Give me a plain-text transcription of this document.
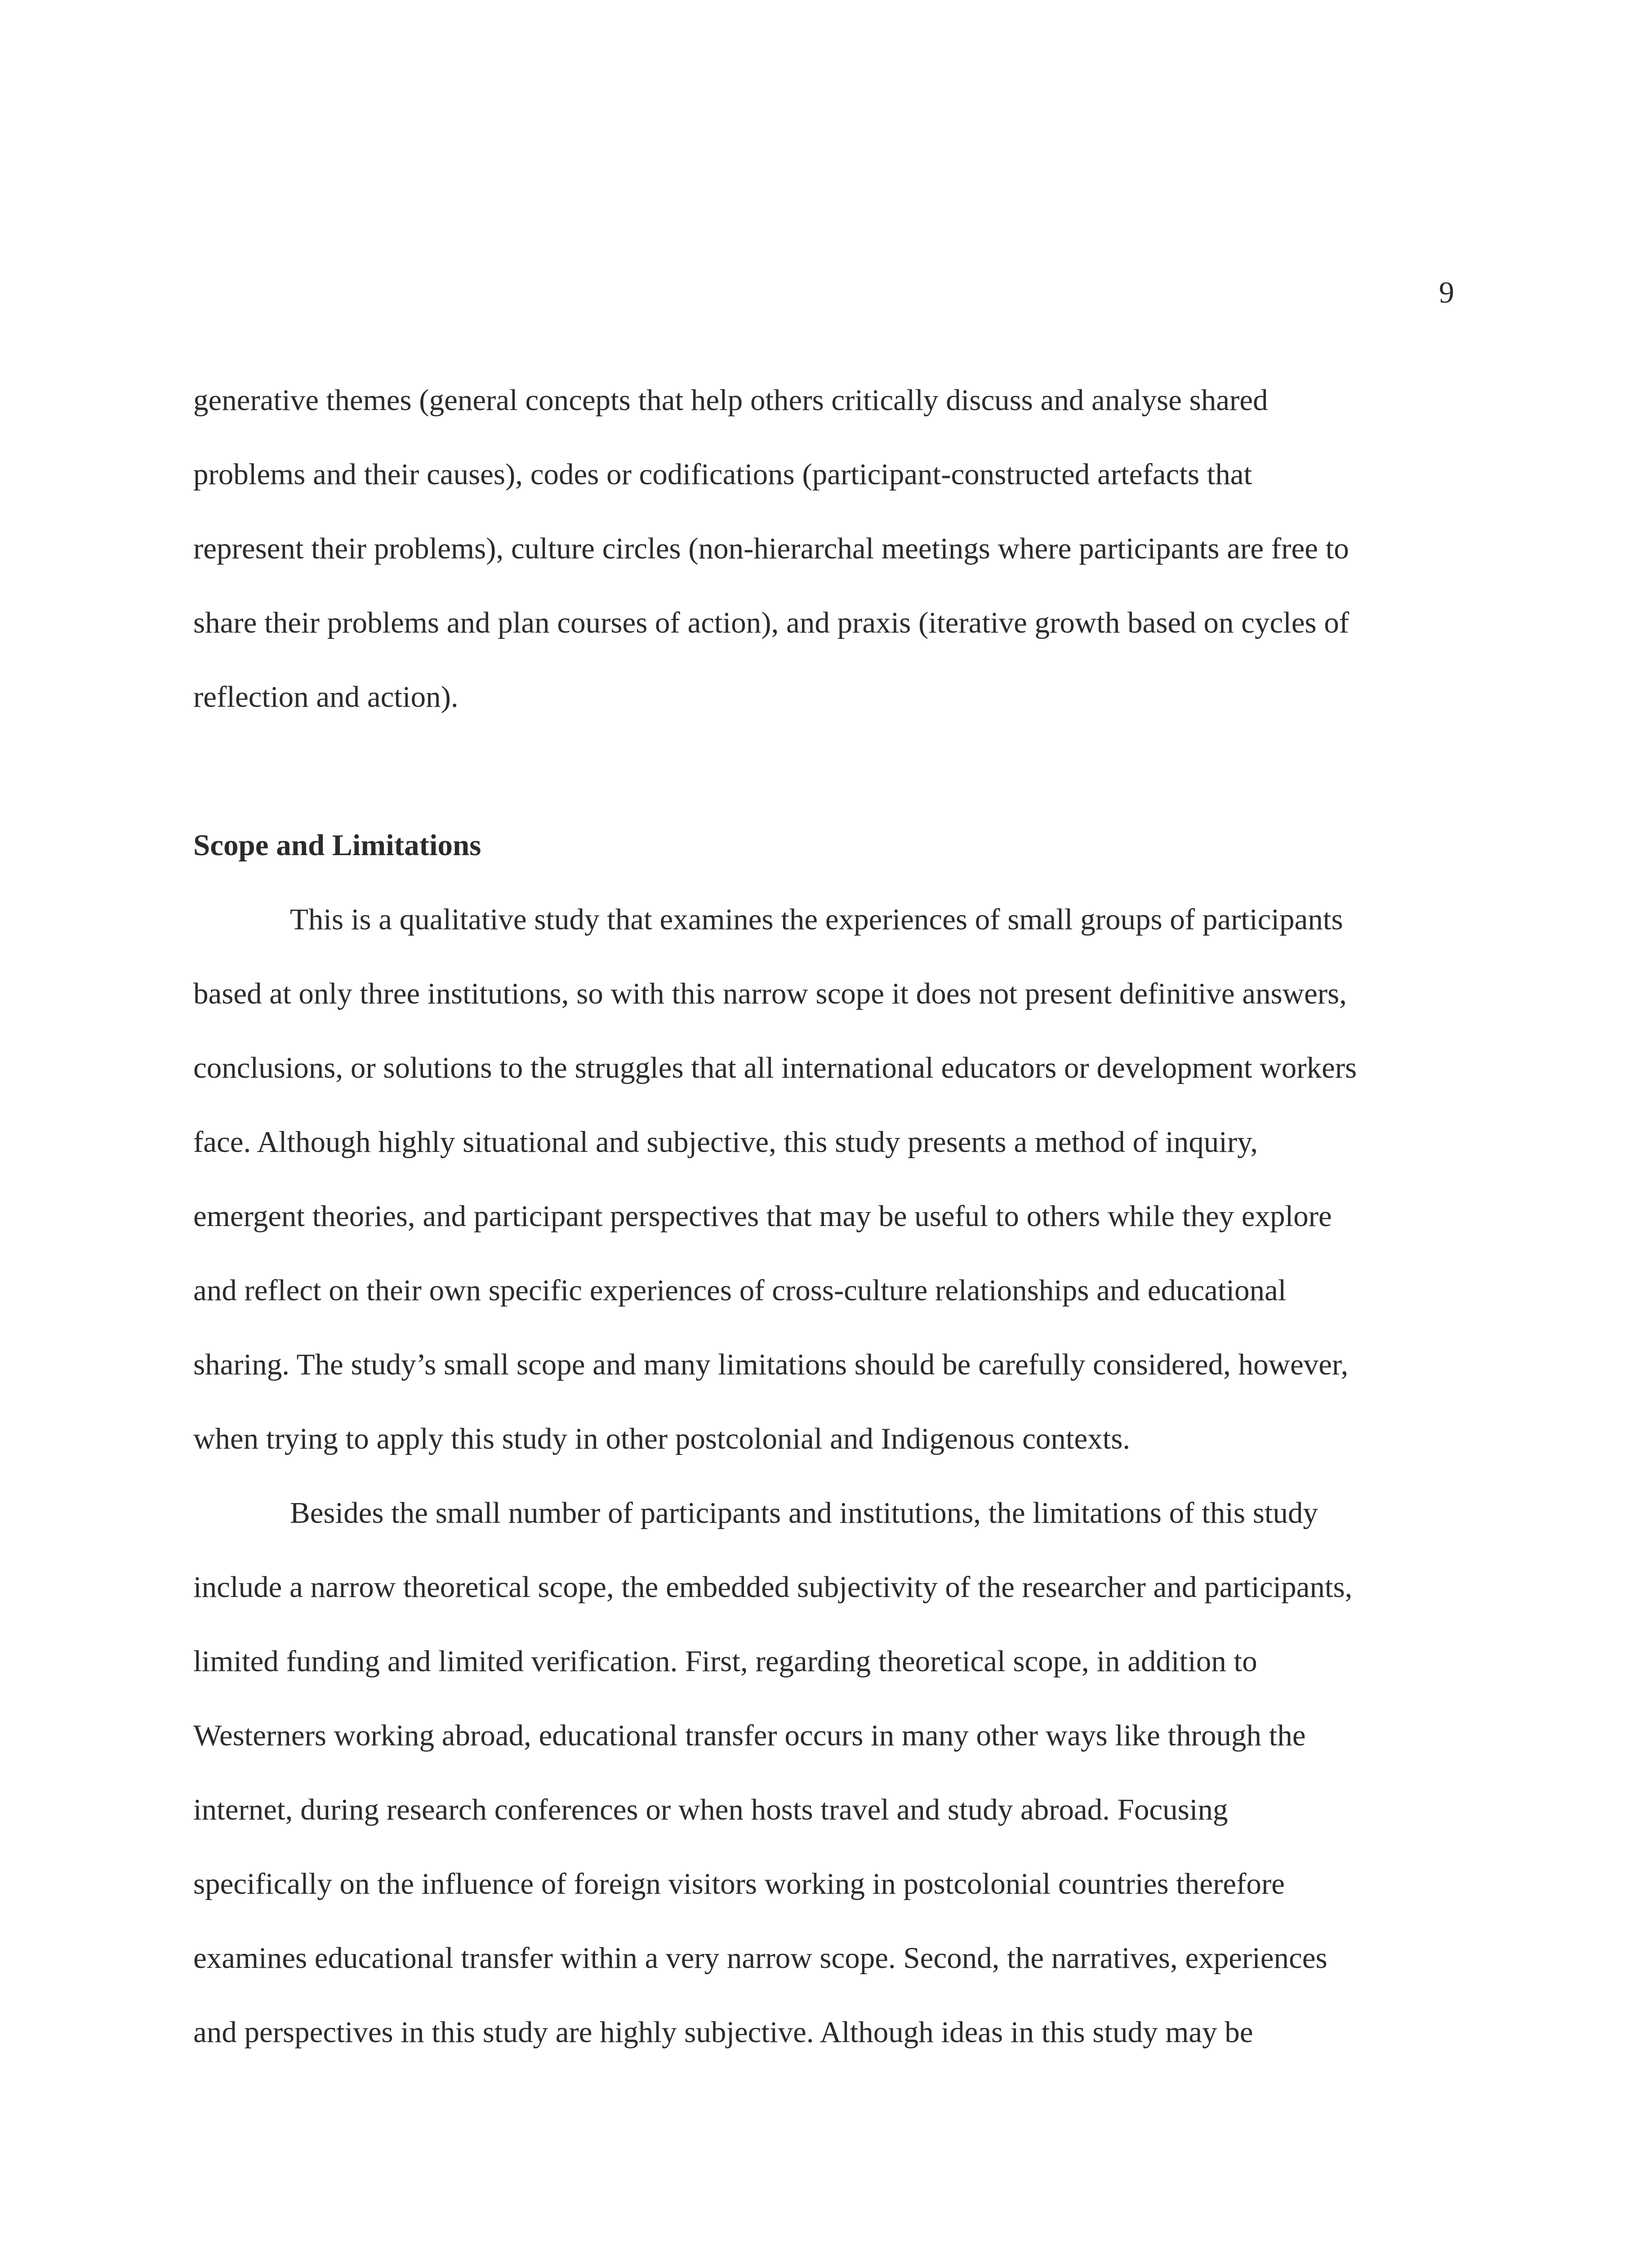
9
generative themes (general concepts that help others critically discuss and analyse shared
problems and their causes), codes or codifications (participant-constructed artefacts that
represent their problems), culture circles (non-hierarchal meetings where participants are free to
share their problems and plan courses of action), and praxis (iterative growth based on cycles of
reflection and action).
Scope and Limitations
This is a qualitative study that examines the experiences of small groups of participants
based at only three institutions, so with this narrow scope it does not present definitive answers,
conclusions, or solutions to the struggles that all international educators or development workers
face. Although highly situational and subjective, this study presents a method of inquiry,
emergent theories, and participant perspectives that may be useful to others while they explore
and reflect on their own specific experiences of cross-culture relationships and educational
sharing. The study’s small scope and many limitations should be carefully considered, however,
when trying to apply this study in other postcolonial and Indigenous contexts.
Besides the small number of participants and institutions, the limitations of this study
include a narrow theoretical scope, the embedded subjectivity of the researcher and participants,
limited funding and limited verification. First, regarding theoretical scope, in addition to
Westerners working abroad, educational transfer occurs in many other ways like through the
internet, during research conferences or when hosts travel and study abroad. Focusing
specifically on the influence of foreign visitors working in postcolonial countries therefore
examines educational transfer within a very narrow scope. Second, the narratives, experiences
and perspectives in this study are highly subjective. Although ideas in this study may be
